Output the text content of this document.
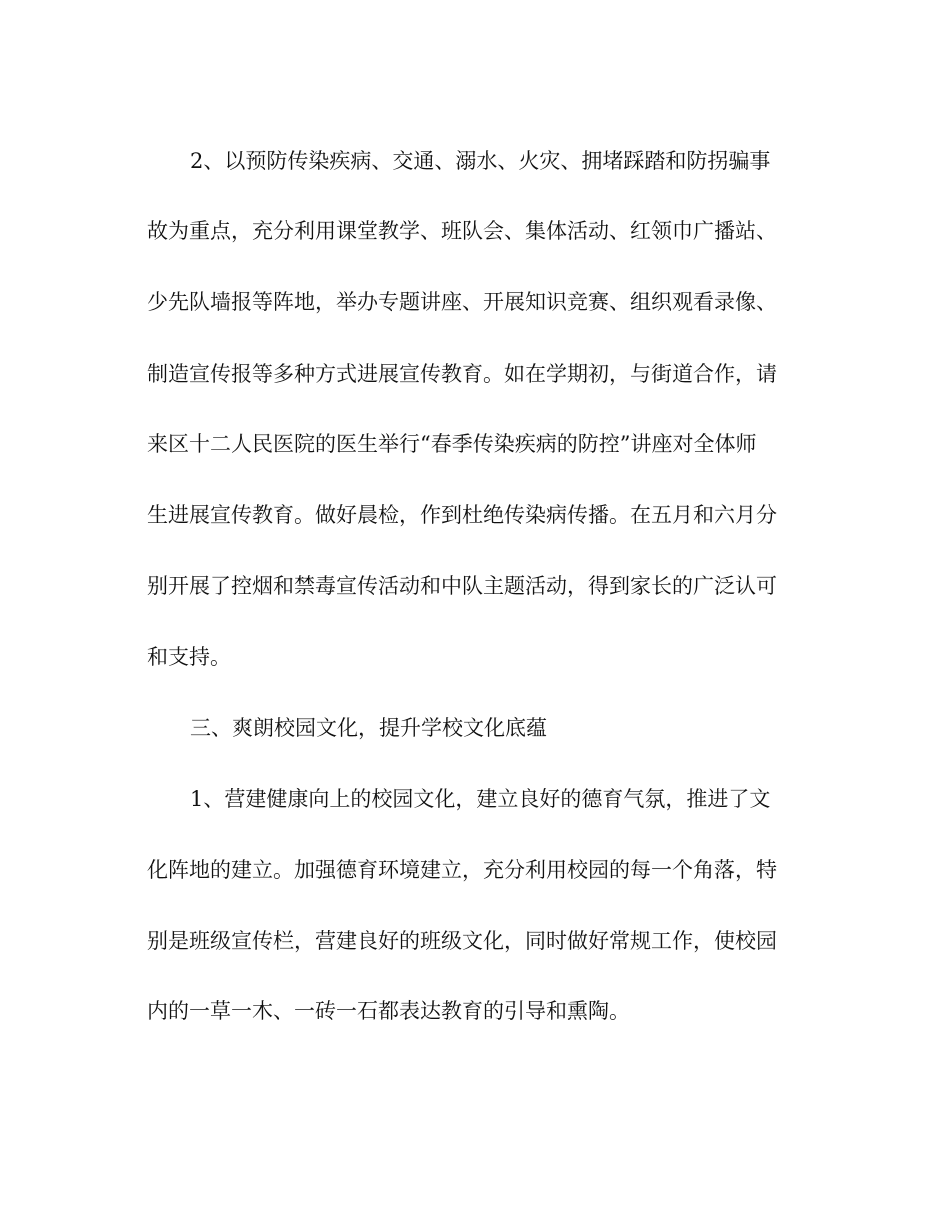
2、以预防传染疾病、交通、溺水、火灾、拥堵踩踏和防拐骗事
故为重点，充分利用课堂教学、班队会、集体活动、红领巾广播站、
少先队墙报等阵地，举办专题讲座、开展知识竞赛、组织观看录像、
制造宣传报等多种方式进展宣传教育。如在学期初，与街道合作，请
来区十二人民医院的医生举行“春季传染疾病的防控”讲座对全体师
生进展宣传教育。做好晨检，作到杜绝传染病传播。在五月和六月分
别开展了控烟和禁毒宣传活动和中队主题活动，得到家长的广泛认可
和支持。
三、爽朗校园文化，提升学校文化底蕴
1、营建健康向上的校园文化，建立良好的德育气氛，推进了文
化阵地的建立。加强德育环境建立，充分利用校园的每一个角落，特
别是班级宣传栏，营建良好的班级文化，同时做好常规工作，使校园
内的一草一木、一砖一石都表达教育的引导和熏陶。
